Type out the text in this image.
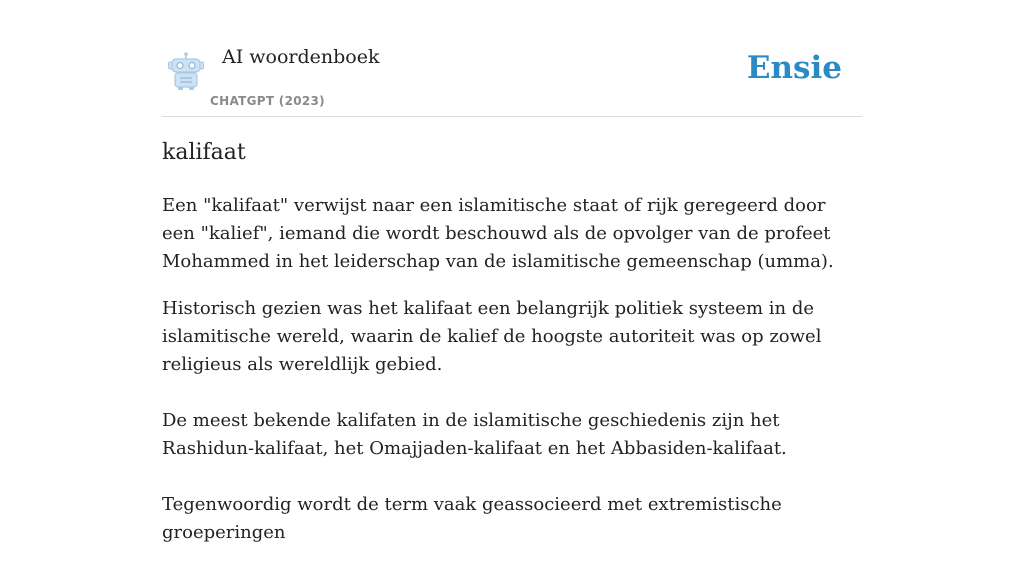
AI woordenboek
CHATGPT (2023)
Ensie
kalifaat

Een "kalifaat" verwijst naar een islamitische staat of rijk geregeerd door een "kalief", iemand die wordt beschouwd als de opvolger van de profeet Mohammed in het leiderschap van de islamitische gemeenschap (umma).

Historisch gezien was het kalifaat een belangrijk politiek systeem in de islamitische wereld, waarin de kalief de hoogste autoriteit was op zowel religieus als wereldlijk gebied.

De meest bekende kalifaten in de islamitische geschiedenis zijn het Rashidun-kalifaat, het Omajjaden-kalifaat en het Abbasiden-kalifaat.

Tegenwoordig wordt de term vaak geassocieerd met extremistische groeperingen
